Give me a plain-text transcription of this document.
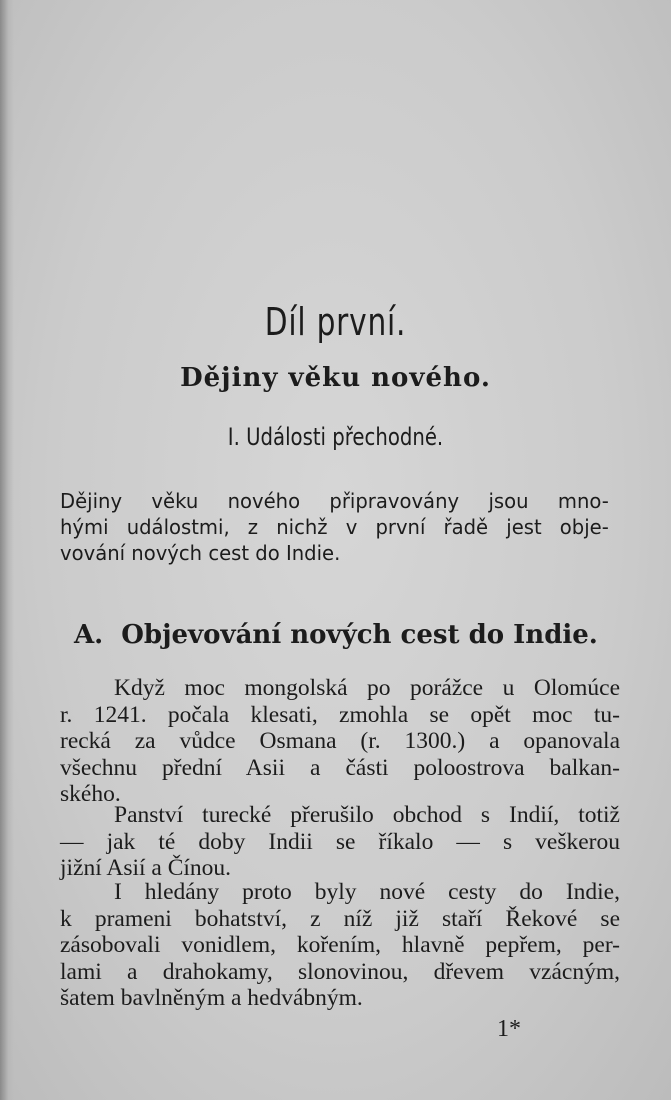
Díl první.
Dějiny věku nového.
I. Události přechodné.
Dějiny věku nového připravovány jsou mno-
hými událostmi, z nichž v první řadě jest obje-
vování nových cest do Indie.
A. Objevování nových cest do Indie.
Když moc mongolská po porážce u Olomúce
r. 1241. počala klesati, zmohla se opět moc tu-
recká za vůdce Osmana (r. 1300.) a opanovala
všechnu přední Asii a části poloostrova balkan-
ského.
Panství turecké přerušilo obchod s Indií, totiž
— jak té doby Indii se říkalo — s veškerou
jižní Asií a Čínou.
I hledány proto byly nové cesty do Indie,
k prameni bohatství, z níž již staří Řekové se
zásobovali vonidlem, kořením, hlavně pepřem, per-
lami a drahokamy, slonovinou, dřevem vzácným,
šatem bavlněným a hedvábným.
1*
